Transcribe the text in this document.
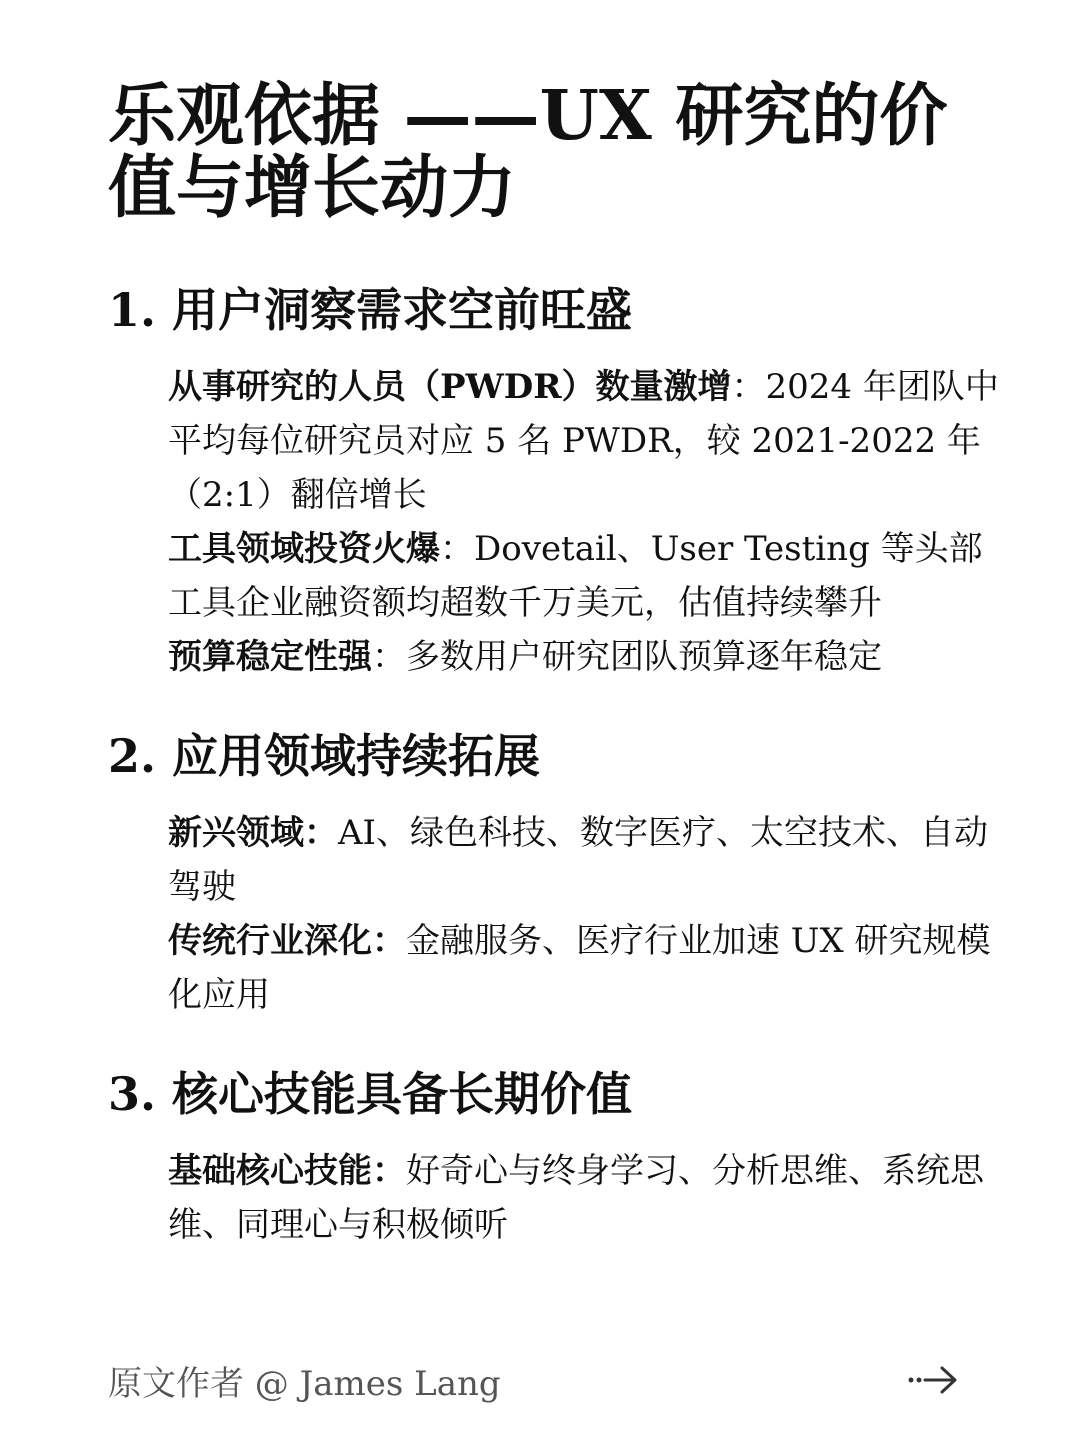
乐观依据 ——UX 研究的价值与增长动力
1. 用户洞察需求空前旺盛

从事研究的人员（PWDR）数量激增：2024 年团队中平均每位研究员对应 5 名 PWDR，较 2021-2022 年（2:1）翻倍增长

工具领域投资火爆：Dovetail、User Testing 等头部工具企业融资额均超数千万美元，估值持续攀升

预算稳定性强：多数用户研究团队预算逐年稳定

2. 应用领域持续拓展

新兴领域：AI、绿色科技、数字医疗、太空技术、自动驾驶

传统行业深化：金融服务、医疗行业加速 UX 研究规模化应用

3. 核心技能具备长期价值

基础核心技能：好奇心与终身学习、分析思维、系统思维、同理心与积极倾听

原文作者 @ James Lang
